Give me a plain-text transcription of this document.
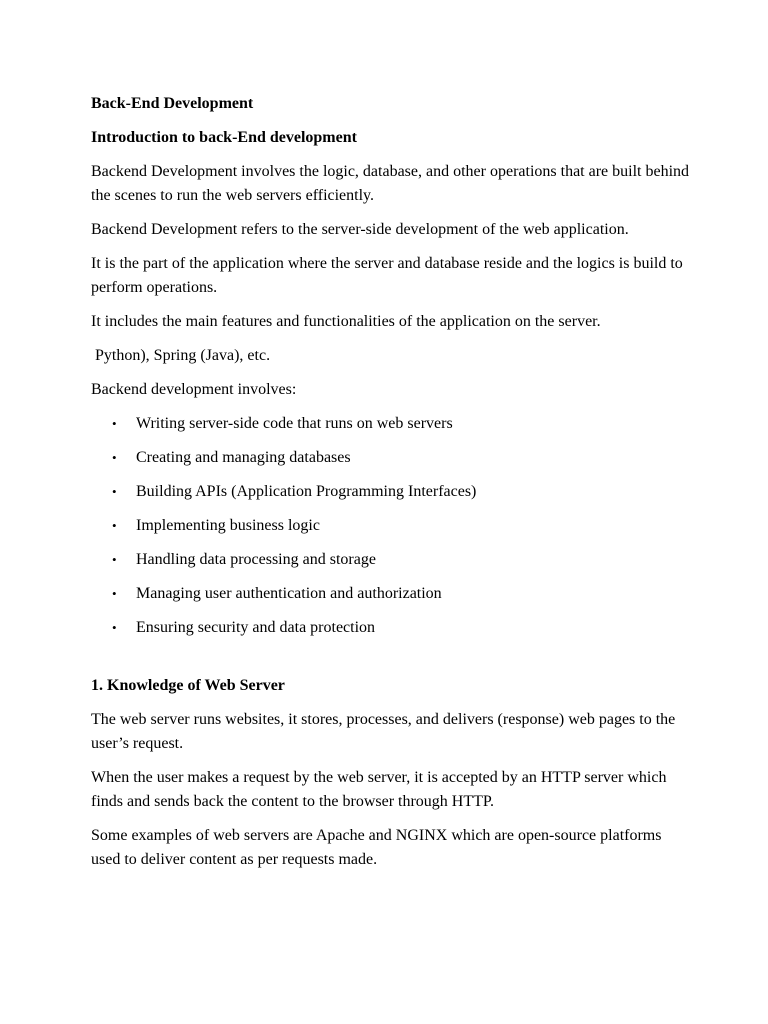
Back-End Development

Introduction to back-End development

Backend Development involves the logic, database, and other operations that are built behind the scenes to run the web servers efficiently.

Backend Development refers to the server-side development of the web application.

It is the part of the application where the server and database reside and the logics is build to perform operations.

It includes the main features and functionalities of the application on the server.

Python), Spring (Java), etc.

Backend development involves:

• Writing server-side code that runs on web servers
• Creating and managing databases
• Building APIs (Application Programming Interfaces)
• Implementing business logic
• Handling data processing and storage
• Managing user authentication and authorization
• Ensuring security and data protection

1. Knowledge of Web Server

The web server runs websites, it stores, processes, and delivers (response) web pages to the user’s request.

When the user makes a request by the web server, it is accepted by an HTTP server which finds and sends back the content to the browser through HTTP.

Some examples of web servers are Apache and NGINX which are open-source platforms used to deliver content as per requests made.
